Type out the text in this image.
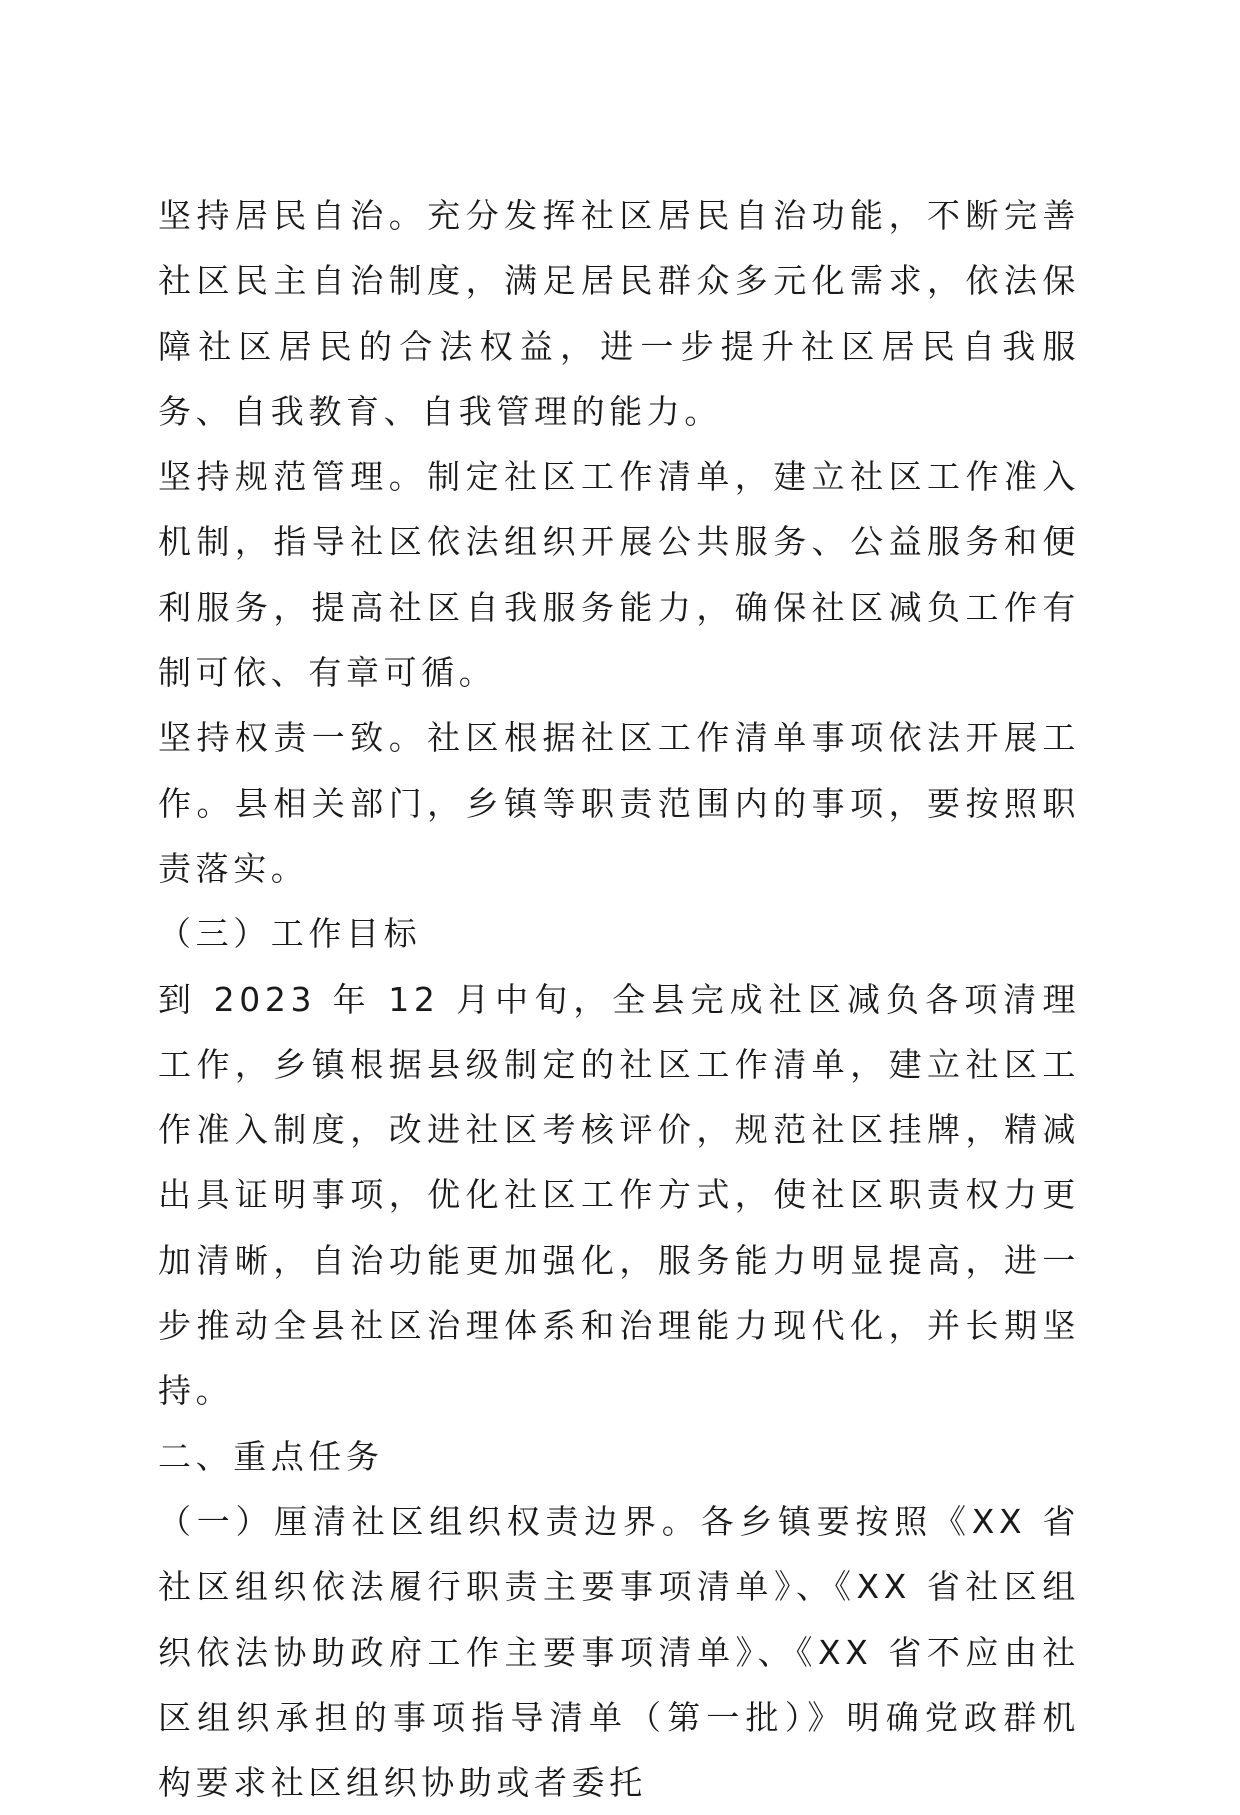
坚持居民自治。充分发挥社区居民自治功能，不断完善社区民主自治制度，满足居民群众多元化需求，依法保障社区居民的合法权益，进一步提升社区居民自我服务、自我教育、自我管理的能力。

坚持规范管理。制定社区工作清单，建立社区工作准入机制，指导社区依法组织开展公共服务、公益服务和便利服务，提高社区自我服务能力，确保社区减负工作有制可依、有章可循。

坚持权责一致。社区根据社区工作清单事项依法开展工作。县相关部门，乡镇等职责范围内的事项，要按照职责落实。

（三）工作目标

到 2023 年 12 月中旬，全县完成社区减负各项清理工作，乡镇根据县级制定的社区工作清单，建立社区工作准入制度，改进社区考核评价，规范社区挂牌，精减出具证明事项，优化社区工作方式，使社区职责权力更加清晰，自治功能更加强化，服务能力明显提高，进一步推动全县社区治理体系和治理能力现代化，并长期坚持。

二、重点任务

（一）厘清社区组织权责边界。各乡镇要按照《XX 省社区组织依法履行职责主要事项清单》、《XX 省社区组织依法协助政府工作主要事项清单》、《XX 省不应由社区组织承担的事项指导清单（第一批）》明确党政群机构要求社区组织协助或者委托
